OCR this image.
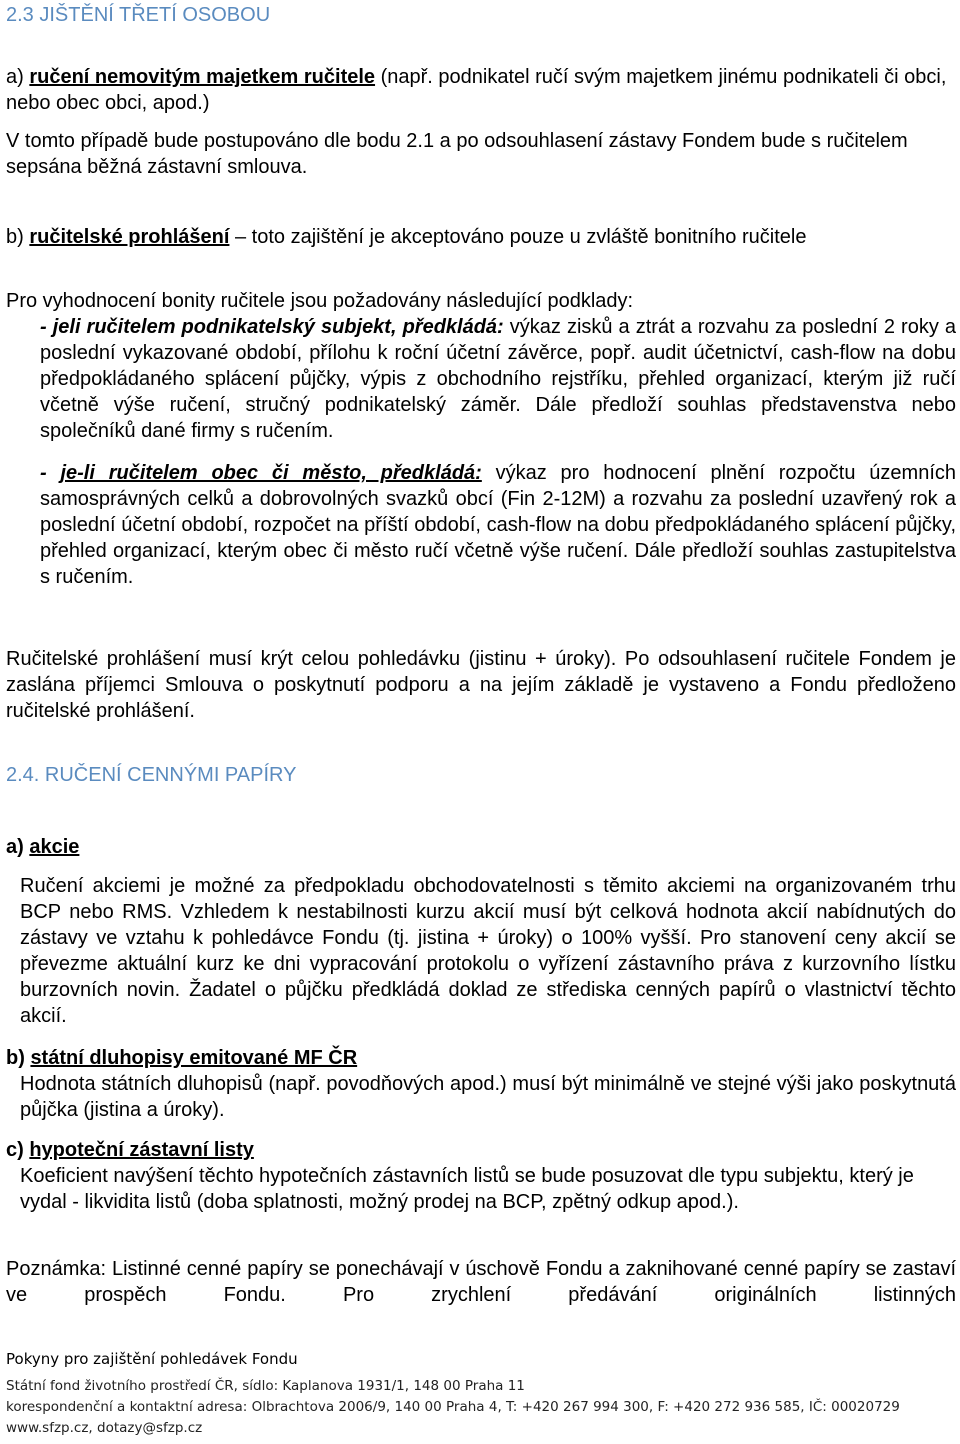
2.3 JIŠTĚNÍ TŘETÍ OSOBOU

a) ručení nemovitým majetkem ručitele (např. podnikatel ručí svým majetkem jinému podnikateli či obci, nebo obec obci, apod.)

V tomto případě bude postupováno dle bodu 2.1 a po odsouhlasení zástavy Fondem bude s ručitelem sepsána běžná zástavní smlouva.

b) ručitelské prohlášení – toto zajištění je akceptováno pouze u zvláště bonitního ručitele

Pro vyhodnocení bonity ručitele jsou požadovány následující podklady:

- jeli ručitelem podnikatelský subjekt, předkládá: výkaz zisků a ztrát a rozvahu za poslední 2 roky a poslední vykazované období, přílohu k roční účetní závěrce, popř. audit účetnictví, cash-flow na dobu předpokládaného splácení půjčky, výpis z obchodního rejstříku, přehled organizací, kterým již ručí včetně výše ručení, stručný podnikatelský záměr. Dále předloží souhlas představenstva nebo společníků dané firmy s ručením.

- je-li ručitelem obec či město, předkládá: výkaz pro hodnocení plnění rozpočtu územních samosprávných celků a dobrovolných svazků obcí (Fin 2-12M) a rozvahu za poslední uzavřený rok a poslední účetní období, rozpočet na příští období, cash-flow na dobu předpokládaného splácení půjčky, přehled organizací, kterým obec či město ručí včetně výše ručení. Dále předloží souhlas zastupitelstva s ručením.

Ručitelské prohlášení musí krýt celou pohledávku (jistinu + úroky). Po odsouhlasení ručitele Fondem je zaslána příjemci Smlouva o poskytnutí podporu a na jejím základě je vystaveno a Fondu předloženo ručitelské prohlášení.

2.4. RUČENÍ CENNÝMI PAPÍRY

a) akcie

Ručení akciemi je možné za předpokladu obchodovatelnosti s těmito akciemi na organizovaném trhu BCP nebo RMS. Vzhledem k nestabilnosti kurzu akcií musí být celková hodnota akcií nabídnutých do zástavy ve vztahu k pohledávce Fondu (tj. jistina + úroky) o 100% vyšší. Pro stanovení ceny akcií se převezme aktuální kurz ke dni vypracování protokolu o vyřízení zástavního práva z kurzovního lístku burzovních novin. Žadatel o půjčku předkládá doklad ze střediska cenných papírů o vlastnictví těchto akcií.

b) státní dluhopisy emitované MF ČR

Hodnota státních dluhopisů (např. povodňových apod.) musí být minimálně ve stejné výši jako poskytnutá půjčka (jistina a úroky).

c) hypoteční zástavní listy

Koeficient navýšení těchto hypotečních zástavních listů se bude posuzovat dle typu subjektu, který je vydal - likvidita listů (doba splatnosti, možný prodej na BCP, zpětný odkup apod.).

Poznámka: Listinné cenné papíry se ponechávají v úschově Fondu a zaknihované cenné papíry se zastaví ve prospěch Fondu. Pro zrychlení předávání originálních listinných

Pokyny pro zajištění pohledávek Fondu
Státní fond životního prostředí ČR, sídlo: Kaplanova 1931/1, 148 00 Praha 11
korespondenční a kontaktní adresa: Olbrachtova 2006/9, 140 00 Praha 4, T: +420 267 994 300, F: +420 272 936 585, IČ: 00020729
www.sfzp.cz, dotazy@sfzp.cz
